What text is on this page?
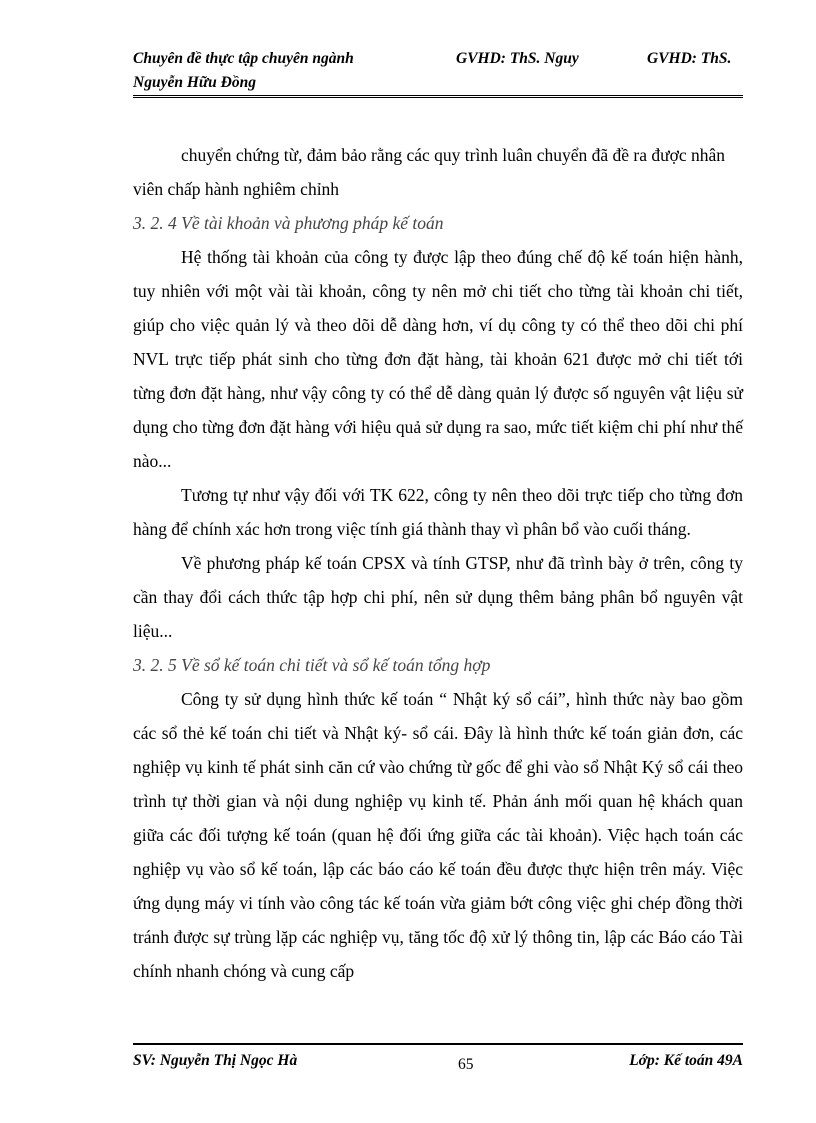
Chuyên đề thực tập chuyên ngành	GVHD: ThS. Nguy	GVHD: ThS.
Nguyễn Hữu Đồng

chuyển chứng từ, đảm bảo rằng các quy trình luân chuyển đã đề ra được nhân viên chấp hành nghiêm chỉnh

3. 2. 4 Về tài khoản và phương pháp kế toán

Hệ thống tài khoản của công ty được lập theo đúng chế độ kế toán hiện hành, tuy nhiên với một vài tài khoản, công ty nên mở chi tiết cho từng tài khoản chi tiết, giúp cho việc quản lý và theo dõi dễ dàng hơn, ví dụ công ty có thể theo dõi chi phí NVL trực tiếp phát sinh cho từng đơn đặt hàng, tài khoản 621 được mở chi tiết tới từng đơn đặt hàng, như vậy công ty có thể dễ dàng quản lý được số nguyên vật liệu sử dụng cho từng đơn đặt hàng với hiệu quả sử dụng ra sao, mức tiết kiệm chi phí như thế nào...

Tương tự như vậy đối với TK 622, công ty nên theo dõi trực tiếp cho từng đơn hàng để chính xác hơn trong việc tính giá thành thay vì phân bổ vào cuối tháng.

Về phương pháp kế toán CPSX và tính GTSP, như đã trình bày ở trên, công ty cần thay đổi cách thức tập hợp chi phí, nên sử dụng thêm bảng phân bổ nguyên vật liệu...

3. 2. 5 Về sổ kế toán chi tiết và sổ kế toán tổng hợp

Công ty sử dụng hình thức kế toán “ Nhật ký sổ cái”, hình thức này bao gồm các sổ thẻ kế toán chi tiết và Nhật ký- sổ cái. Đây là hình thức kế toán giản đơn, các nghiệp vụ kinh tế phát sinh căn cứ vào chứng từ gốc để ghi vào sổ Nhật Ký sổ cái theo trình tự thời gian và nội dung nghiệp vụ kinh tế. Phản ánh mối quan hệ khách quan giữa các đối tượng kế toán (quan hệ đối ứng giữa các tài khoản). Việc hạch toán các nghiệp vụ vào sổ kế toán, lập các báo cáo kế toán đều được thực hiện trên máy. Việc ứng dụng máy vi tính vào công tác kế toán vừa giảm bớt công việc ghi chép đồng thời tránh được sự trùng lặp các nghiệp vụ, tăng tốc độ xử lý thông tin, lập các Báo cáo Tài chính nhanh chóng và cung cấp

SV: Nguyễn Thị Ngọc Hà	65	Lớp: Kế toán 49A
